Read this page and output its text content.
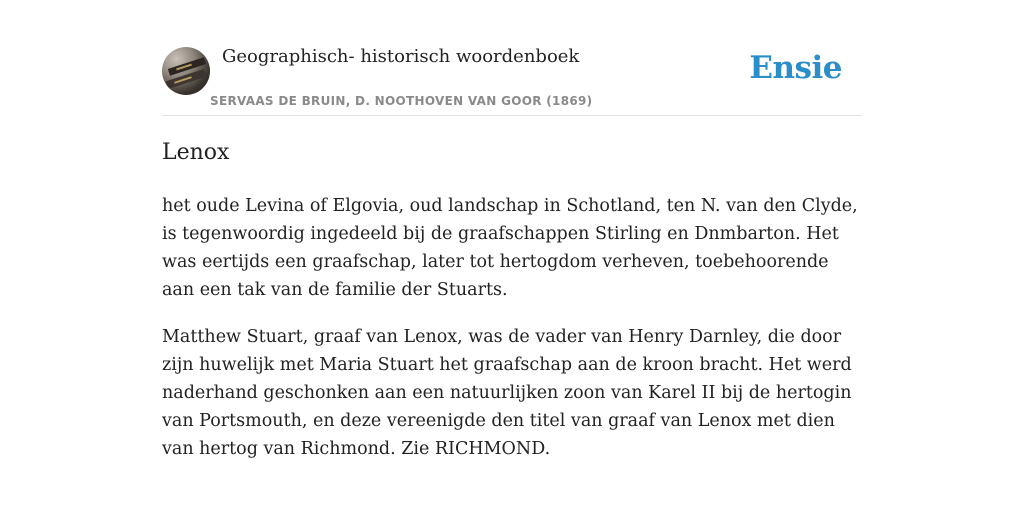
Geographisch- historisch woordenboek
SERVAAS DE BRUIN, D. NOOTHOVEN VAN GOOR (1869)
Ensie
Lenox

het oude Levina of Elgovia, oud landschap in Schotland, ten N. van den Clyde, is tegenwoordig ingedeeld bij de graafschappen Stirling en Dnmbarton. Het was eertijds een graafschap, later tot hertogdom verheven, toebehoorende aan een tak van de familie der Stuarts.

Matthew Stuart, graaf van Lenox, was de vader van Henry Darnley, die door zijn huwelijk met Maria Stuart het graafschap aan de kroon bracht. Het werd naderhand geschonken aan een natuurlijken zoon van Karel II bij de hertogin van Portsmouth, en deze vereenigde den titel van graaf van Lenox met dien van hertog van Richmond. Zie RICHMOND.
